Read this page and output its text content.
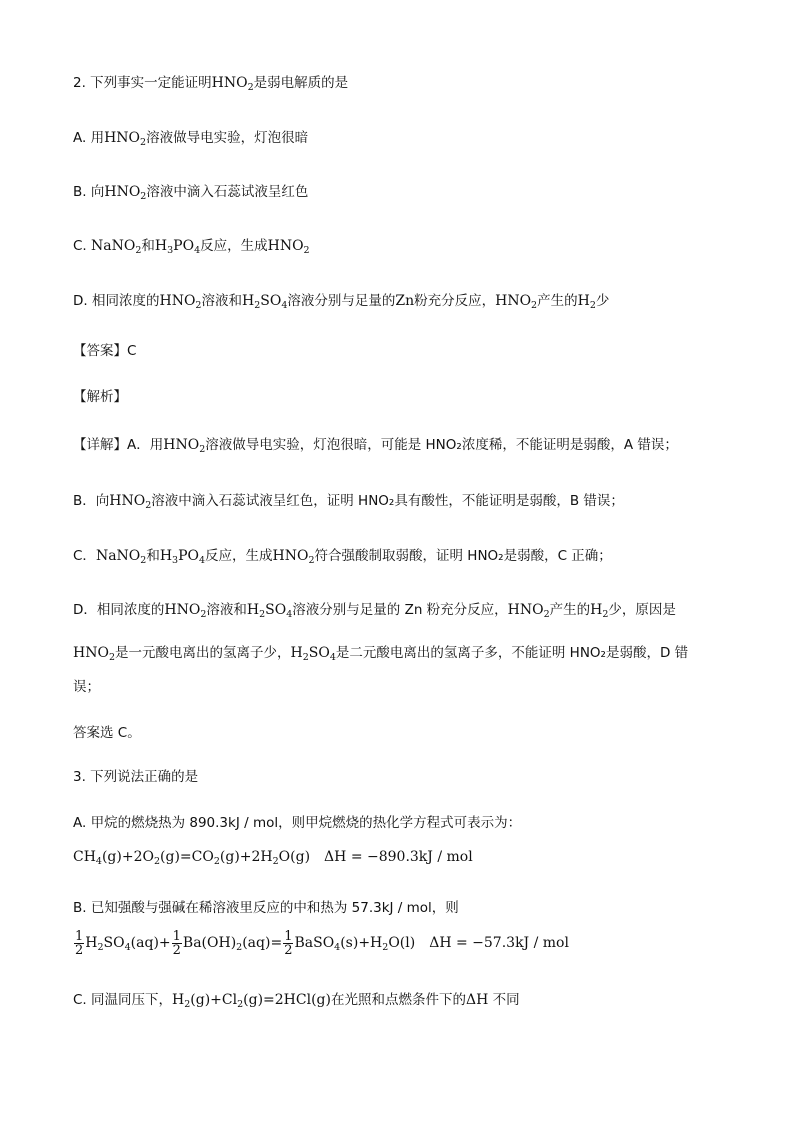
2. 下列事实一定能证明$HNO_2$是弱电解质的是
A. 用$HNO_2$溶液做导电实验，灯泡很暗
B. 向$HNO_2$溶液中滴入石蕊试液呈红色
C. NaNO$_2$和$H_3PO_4$反应，生成$HNO_2$
D. 相同浓度的$HNO_2$溶液和$H_2SO_4$溶液分别与足量的Zn粉充分反应，$HNO_2$产生的$H_2$少
【答案】C
【解析】
【详解】A．用$HNO_2$溶液做导电实验，灯泡很暗，可能是 HNO₂浓度稀，不能证明是弱酸，A 错误；
B．向$HNO_2$溶液中滴入石蕊试液呈红色，证明 HNO₂具有酸性，不能证明是弱酸，B 错误；
C．NaNO$_2$和$H_3PO_4$反应，生成$HNO_2$符合强酸制取弱酸，证明 HNO₂是弱酸，C 正确；
D．相同浓度的$HNO_2$溶液和$H_2SO_4$溶液分别与足量的 Zn 粉充分反应，$HNO_2$产生的$H_2$少，原因是
$HNO_2$是一元酸电离出的氢离子少，$H_2SO_4$是二元酸电离出的氢离子多，不能证明 HNO₂是弱酸，D 错
误；
答案选 C。
3. 下列说法正确的是
A. 甲烷的燃烧热为 890.3kJ / mol，则甲烷燃烧的热化学方程式可表示为：
$CH_4(g)+2O_2(g)=CO_2(g)+2H_2O(g) \Delta H = -890.3kJ$ / mol
B. 已知强酸与强碱在稀溶液里反应的中和热为 57.3kJ / mol，则
$\frac{1}{2} H_2SO_4(aq)+ \frac{1}{2} Ba(OH)_2(aq)= \frac{1}{2}$ $BaSO_4(s)+H_2O(l) \Delta H = -57.3kJ$ / mol
C. 同温同压下，$H_2(g)+Cl_2(g)=2HCl(g)$在光照和点燃条件下的ΔH 不同
